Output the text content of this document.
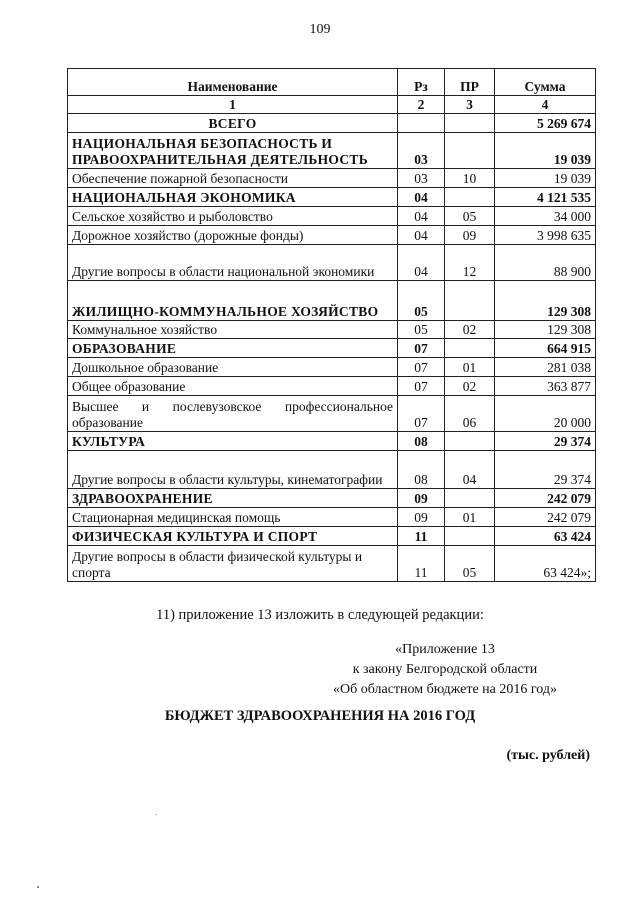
109
Наименование	Рз	ПР	Сумма
1	2	3	4
ВСЕГО			5 269 674
НАЦИОНАЛЬНАЯ БЕЗОПАСНОСТЬ И ПРАВООХРАНИТЕЛЬНАЯ ДЕЯТЕЛЬНОСТЬ	03		19 039
Обеспечение пожарной безопасности	03	10	19 039
НАЦИОНАЛЬНАЯ ЭКОНОМИКА	04		4 121 535
Сельское хозяйство и рыболовство	04	05	34 000
Дорожное хозяйство (дорожные фонды)	04	09	3 998 635
Другие вопросы в области национальной экономики	04	12	88 900
ЖИЛИЩНО-КОММУНАЛЬНОЕ ХОЗЯЙСТВО	05		129 308
Коммунальное хозяйство	05	02	129 308
ОБРАЗОВАНИЕ	07		664 915
Дошкольное образование	07	01	281 038
Общее образование	07	02	363 877
Высшее и послевузовское профессиональное образование	07	06	20 000
КУЛЬТУРА	08		29 374
Другие вопросы в области культуры, кинематографии	08	04	29 374
ЗДРАВООХРАНЕНИЕ	09		242 079
Стационарная медицинская помощь	09	01	242 079
ФИЗИЧЕСКАЯ КУЛЬТУРА И СПОРТ	11		63 424
Другие вопросы в области физической культуры и спорта	11	05	63 424»;
11) приложение 13 изложить в следующей редакции:
«Приложение 13
к закону Белгородской области
«Об областном бюджете на 2016 год»
БЮДЖЕТ ЗДРАВООХРАНЕНИЯ НА 2016 ГОД
(тыс. рублей)
